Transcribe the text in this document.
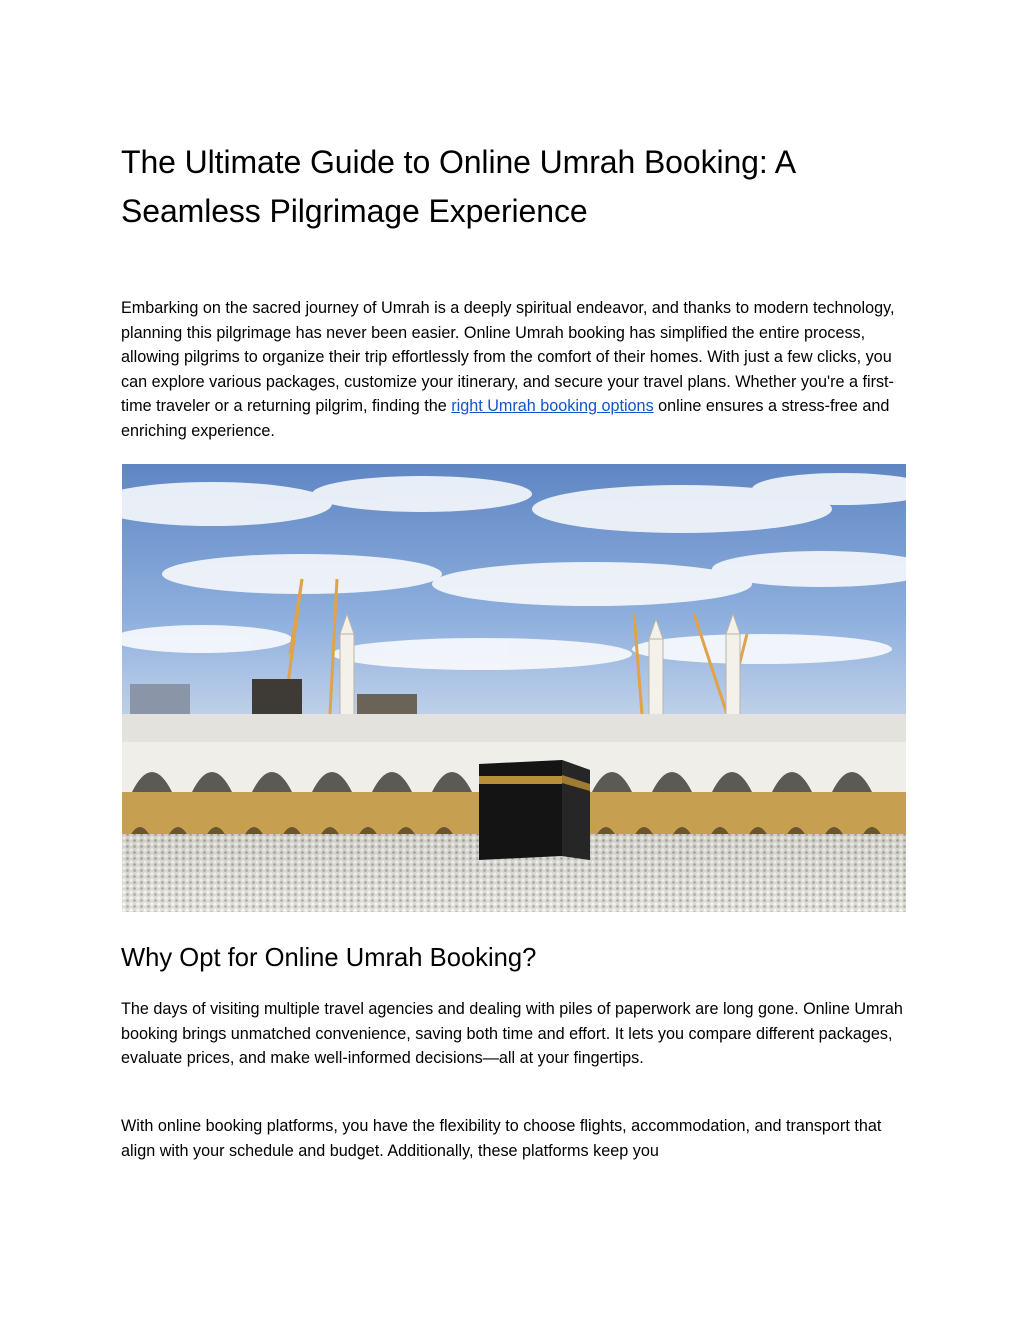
The Ultimate Guide to Online Umrah Booking: A Seamless Pilgrimage Experience

Embarking on the sacred journey of Umrah is a deeply spiritual endeavor, and thanks to modern technology, planning this pilgrimage has never been easier. Online Umrah booking has simplified the entire process, allowing pilgrims to organize their trip effortlessly from the comfort of their homes. With just a few clicks, you can explore various packages, customize your itinerary, and secure your travel plans. Whether you're a first-time traveler or a returning pilgrim, finding the right Umrah booking options online ensures a stress-free and enriching experience.

Why Opt for Online Umrah Booking?

The days of visiting multiple travel agencies and dealing with piles of paperwork are long gone. Online Umrah booking brings unmatched convenience, saving both time and effort. It lets you compare different packages, evaluate prices, and make well-informed decisions—all at your fingertips.

With online booking platforms, you have the flexibility to choose flights, accommodation, and transport that align with your schedule and budget. Additionally, these platforms keep you
